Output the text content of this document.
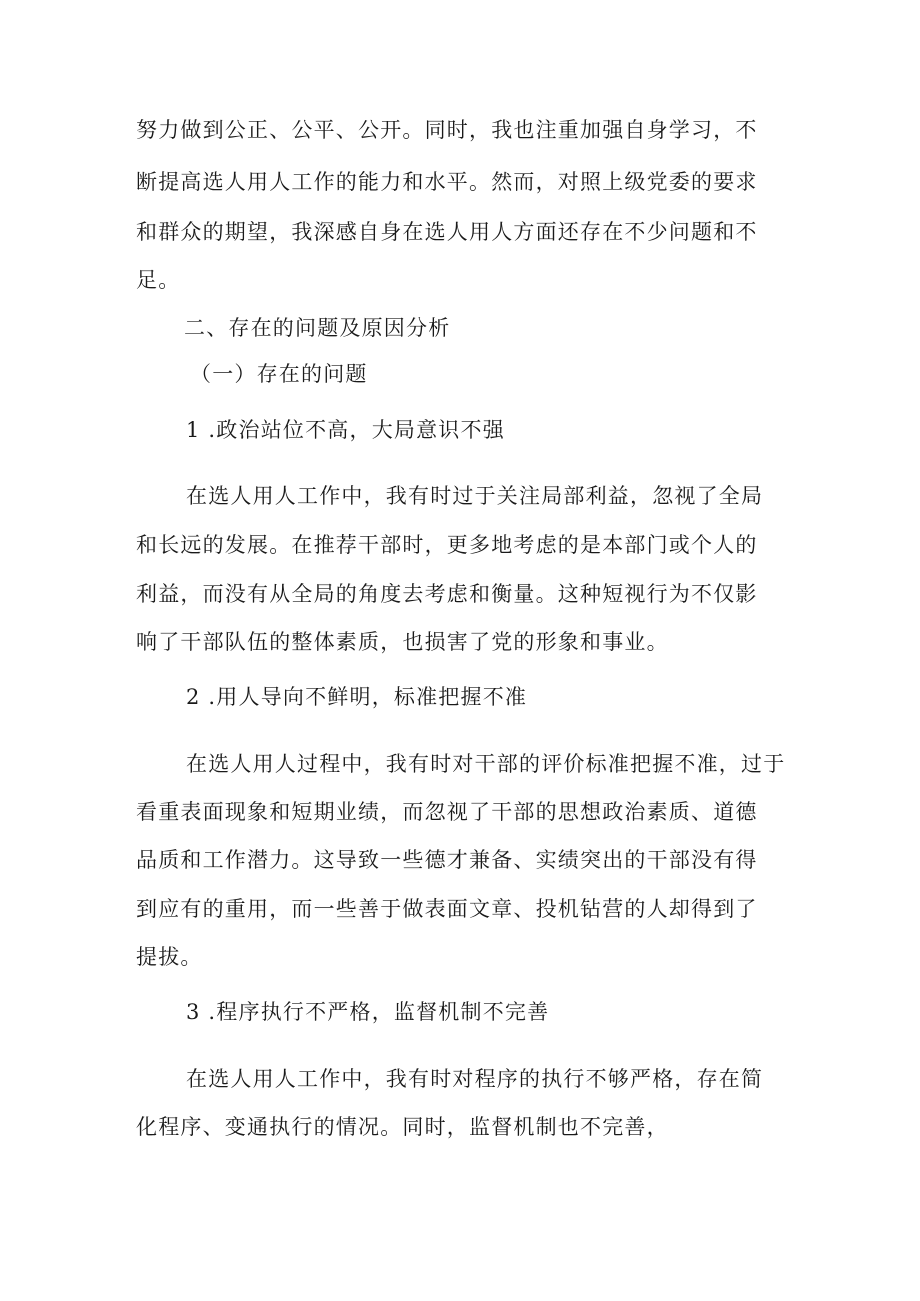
努力做到公正、公平、公开。同时，我也注重加强自身学习，不
断提高选人用人工作的能力和水平。然而，对照上级党委的要求
和群众的期望，我深感自身在选人用人方面还存在不少问题和不
足。
二、存在的问题及原因分析
（一）存在的问题
1 .政治站位不高，大局意识不强
在选人用人工作中，我有时过于关注局部利益，忽视了全局
和长远的发展。在推荐干部时，更多地考虑的是本部门或个人的
利益，而没有从全局的角度去考虑和衡量。这种短视行为不仅影
响了干部队伍的整体素质，也损害了党的形象和事业。
2 .用人导向不鲜明，标准把握不准
在选人用人过程中，我有时对干部的评价标准把握不准，过于
看重表面现象和短期业绩，而忽视了干部的思想政治素质、道德
品质和工作潜力。这导致一些德才兼备、实绩突出的干部没有得
到应有的重用，而一些善于做表面文章、投机钻营的人却得到了
提拔。
3 .程序执行不严格，监督机制不完善
在选人用人工作中，我有时对程序的执行不够严格，存在简
化程序、变通执行的情况。同时，监督机制也不完善，
